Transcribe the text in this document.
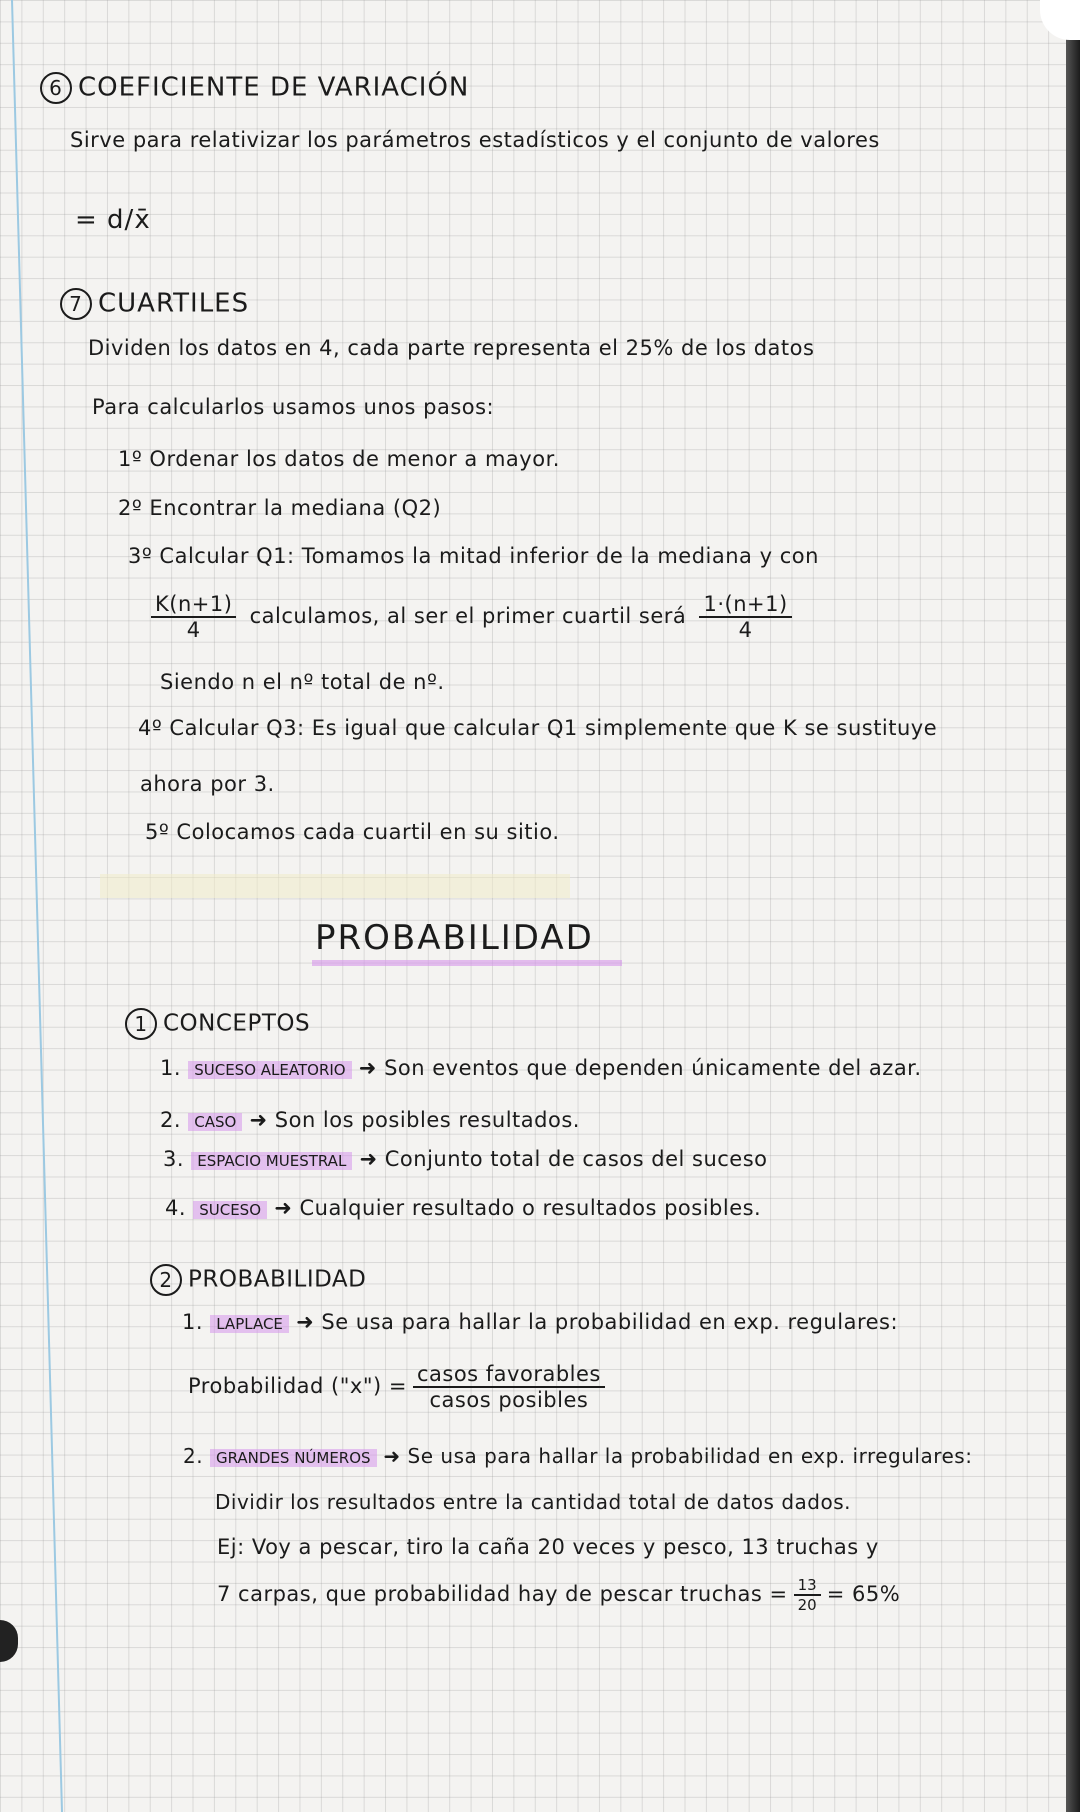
6 COEFICIENTE DE VARIACIÓN
Sirve para relativizar los parámetros estadísticos y el conjunto de valores
= d/x̄
7 CUARTILES
Dividen los datos en 4, cada parte representa el 25% de los datos
Para calcularlos usamos unos pasos:
1º Ordenar los datos de menor a mayor.
2º Encontrar la mediana (Q2)
3º Calcular Q1: Tomamos la mitad inferior de la mediana y con
$\frac{K(n+1)}{4}$ calculamos, al ser el primer cuartil será $\frac{1\cdot(n+1)}{4}$
Siendo n el nº total de nº.
4º Calcular Q3: Es igual que calcular Q1 simplemente que K se sustituye
ahora por 3.
5º Colocamos cada cuartil en su sitio.
PROBABILIDAD
1 CONCEPTOS
1. SUCESO ALEATORIO ➜ Son eventos que dependen únicamente del azar.
2. CASO ➜ Son los posibles resultados.
3. ESPACIO MUESTRAL ➜ Conjunto total de casos del suceso
4. SUCESO ➜ Cualquier resultado o resultados posibles.
2 PROBABILIDAD
1. LAPLACE ➜ Se usa para hallar la probabilidad en exp. regulares:
Probabilidad ("x") = $\frac{\text{casos favorables}}{\text{casos posibles}}$
2. GRANDES NÚMEROS ➜ Se usa para hallar la probabilidad en exp. irregulares:
Dividir los resultados entre la cantidad total de datos dados.
Ej: Voy a pescar, tiro la caña 20 veces y pesco, 13 truchas y
7 carpas, que probabilidad hay de pescar truchas = $\frac{13}{20} = 65\%$
